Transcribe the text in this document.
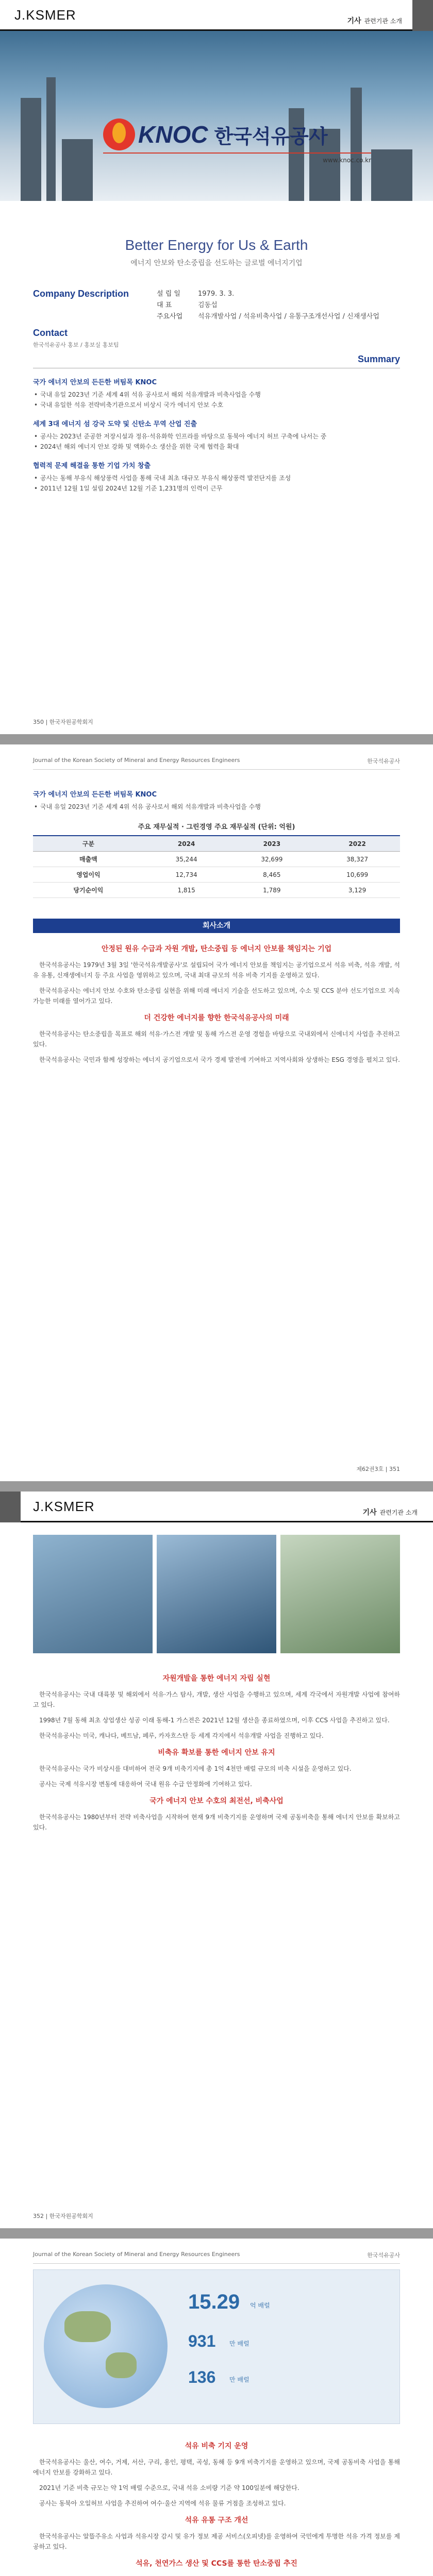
J.KSMER	기사 관련기관 소개
KNOC 한국석유공사
www.knoc.co.kr
Better Energy for Us & Earth
에너지 안보와 탄소중립을 선도하는 글로벌 에너지기업
Company Description	설 립 일	1979. 3. 3.
대 표	김동섭
주요사업 석유개발사업 / 석유비축사업 / 유통구조개선사업 / 신재생사업
Contact
한국석유공사 홍보 / 홍보실 홍보팀
Summary
국가 에너지 안보의 든든한 버팀목 KNOC
• 국내 유일 2023년 기준 세계 4위 석유 공사로서 해외 석유개발과 비축사업을 수행
• 국내 유일한 석유 전략비축기관으로서 비상시 국가 에너지 안보 수호
세계 3대 에너지 섬 강국 도약 및 신탄소 무역 산업 진출
• 공사는 2023년 준공한 저장시설과 정유·석유화학 인프라를 바탕으로 동북아 에너지 허브 구축에 나서는 중
• 2024년 해외 에너지 안보 강화 및 액화수소 생산을 위한 국제 협력을 확대
협력적 문제 해결을 통한 기업 가치 창출
• 공사는 동해 부유식 해상풍력 사업을 통해 국내 최초 대규모 부유식 해상풍력 발전단지를 조성
• 2011년 12월 1일 설립 2024년 12월 기준 1,231명의 인력이 근무
350 | 한국자원공학회지
Journal of the Korean Society of Mineral and Energy Resources Engineers	한국석유공사
국가 에너지 안보의 든든한 버팀목 KNOC
• 국내 유일 2023년 기준 세계 4위 석유 공사로서 해외 석유개발과 비축사업을 수행
주요 재무실적 · 그린경영 주요 재무실적 (단위: 억원)
구분	2024	2023	2022
매출액	35,244	32,699	38,327
영업이익	12,734	8,465	10,699
당기순이익	1,815	1,789	3,129
회사소개
안정된 원유 수급과 자원 개발, 탄소중립 등 에너지 안보를 책임지는 기업
한국석유공사는 1979년 3월 3일 '한국석유개발공사'로 설립되어 국가 에너지 안보를 책임지는 공기업으로서 석유 비축, 석유 개발, 석유 유통, 신재생에너지 등 주요 사업을 영위하고 있으며, 국내 최대 규모의 석유 비축 기지를 운영하고 있다.
한국석유공사는 에너지 안보 수호와 탄소중립 실현을 위해 미래 에너지 기술을 선도하고 있으며, 수소 및 CCS 분야 선도기업으로 지속 가능한 미래를 열어가고 있다.
더 건강한 에너지를 향한 한국석유공사의 미래
한국석유공사는 탄소중립을 목표로 해외 석유·가스전 개발 및 동해 가스전 운영 경험을 바탕으로 국내외에서 신에너지 사업을 추진하고 있다.
한국석유공사는 국민과 함께 성장하는 에너지 공기업으로서 국가 경제 발전에 기여하고 지역사회와 상생하는 ESG 경영을 펼치고 있다.
제62권3호 | 351
J.KSMER	기사 관련기관 소개
자원개발을 통한 에너지 자립 실현
한국석유공사는 국내 대륙붕 및 해외에서 석유·가스 탐사, 개발, 생산 사업을 수행하고 있으며, 세계 각국에서 자원개발 사업에 참여하고 있다.
1998년 7월 동해 최초 상업생산 성공 이래 동해-1 가스전은 2021년 12월 생산을 종료하였으며, 이후 CCS 사업을 추진하고 있다.
한국석유공사는 미국, 캐나다, 베트남, 페루, 카자흐스탄 등 세계 각지에서 석유개발 사업을 진행하고 있다.
비축유 확보를 통한 에너지 안보 유지
한국석유공사는 국가 비상시를 대비하여 전국 9개 비축기지에 총 1억 4천만 배럴 규모의 비축 시설을 운영하고 있다.
공사는 국제 석유시장 변동에 대응하여 국내 원유 수급 안정화에 기여하고 있다.
국가 에너지 안보 수호의 최전선, 비축사업
한국석유공사는 1980년부터 전략 비축사업을 시작하여 현재 9개 비축기지를 운영하며 국제 공동비축을 통해 에너지 안보를 확보하고 있다.
352 | 한국자원공학회지
Journal of the Korean Society of Mineral and Energy Resources Engineers	한국석유공사
15.29 억 배럴
931 만 배럴
136 만 배럴
석유 비축 기지 운영
한국석유공사는 울산, 여수, 거제, 서산, 구리, 용인, 평택, 곡성, 동해 등 9개 비축기지를 운영하고 있으며, 국제 공동비축 사업을 통해 에너지 안보를 강화하고 있다.
2021년 기준 비축 규모는 약 1억 배럴 수준으로, 국내 석유 소비량 기준 약 100일분에 해당한다.
공사는 동북아 오일허브 사업을 추진하여 여수·울산 지역에 석유 물류 거점을 조성하고 있다.
석유 유통 구조 개선
한국석유공사는 알뜰주유소 사업과 석유시장 감시 및 유가 정보 제공 서비스(오피넷)를 운영하여 국민에게 투명한 석유 가격 정보를 제공하고 있다.
석유, 천연가스 생산 및 CCS를 통한 탄소중립 추진
